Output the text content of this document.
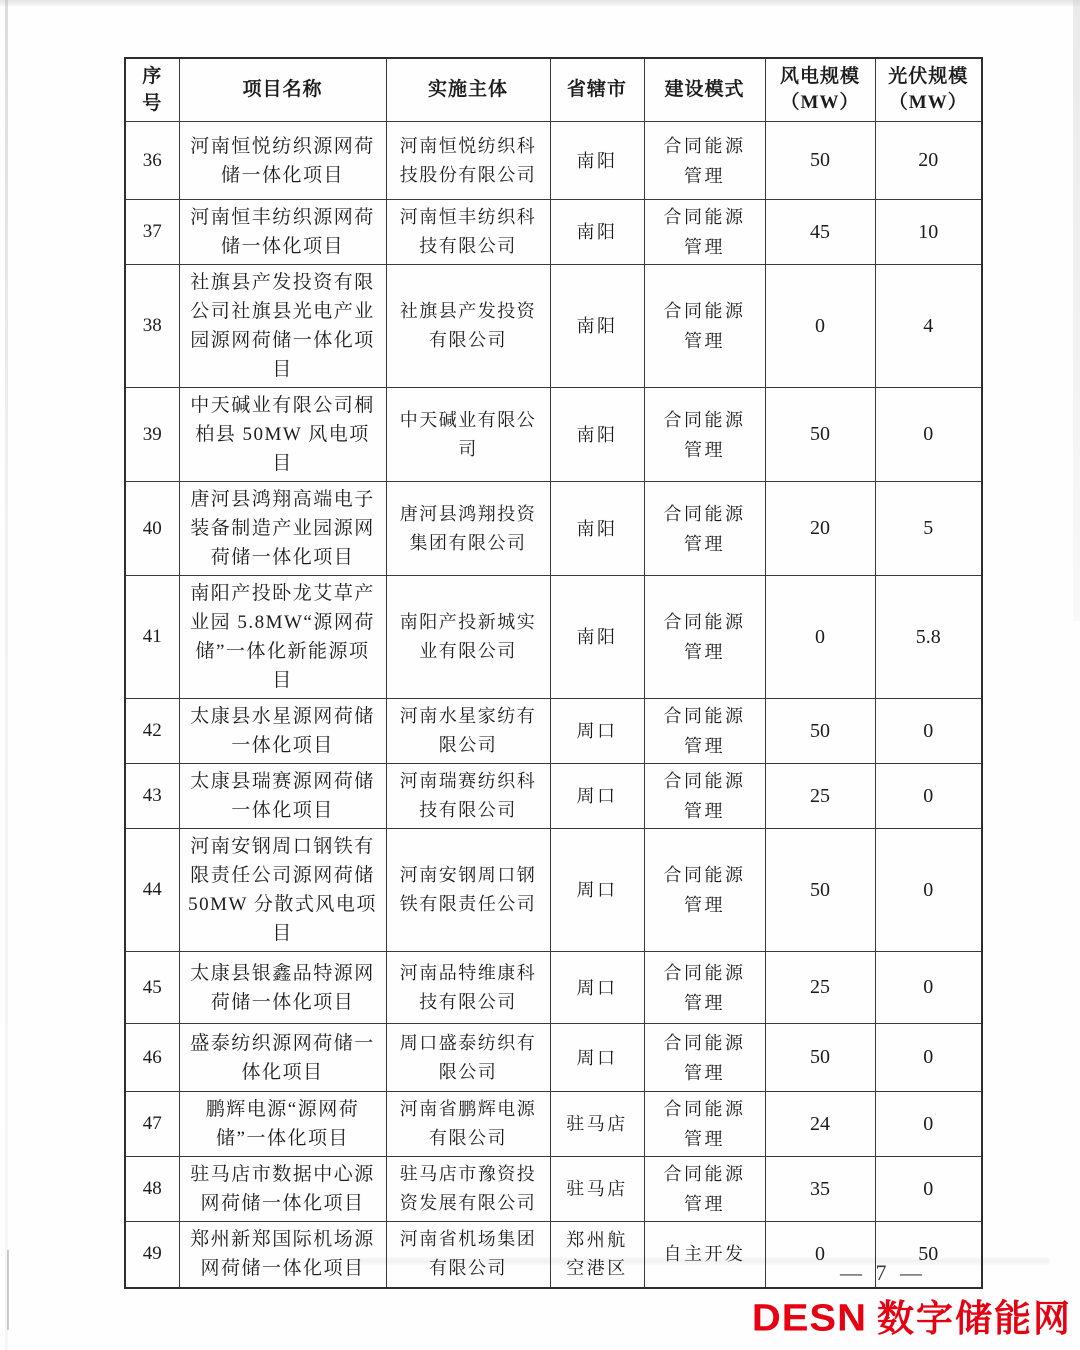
序号	项目名称	实施主体	省辖市	建设模式	风电规模（MW）	光伏规模（MW）
36	河南恒悦纺织源网荷储一体化项目	河南恒悦纺织科技股份有限公司	南阳	合同能源管理	50	20
37	河南恒丰纺织源网荷储一体化项目	河南恒丰纺织科技有限公司	南阳	合同能源管理	45	10
38	社旗县产发投资有限公司社旗县光电产业园源网荷储一体化项目	社旗县产发投资有限公司	南阳	合同能源管理	0	4
39	中天碱业有限公司桐柏县 50MW 风电项目	中天碱业有限公司	南阳	合同能源管理	50	0
40	唐河县鸿翔高端电子装备制造产业园源网荷储一体化项目	唐河县鸿翔投资集团有限公司	南阳	合同能源管理	20	5
41	南阳产投卧龙艾草产业园 5.8MW“源网荷储”一体化新能源项目	南阳产投新城实业有限公司	南阳	合同能源管理	0	5.8
42	太康县水星源网荷储一体化项目	河南水星家纺有限公司	周口	合同能源管理	50	0
43	太康县瑞赛源网荷储一体化项目	河南瑞赛纺织科技有限公司	周口	合同能源管理	25	0
44	河南安钢周口钢铁有限责任公司源网荷储 50MW 分散式风电项目	河南安钢周口钢铁有限责任公司	周口	合同能源管理	50	0
45	太康县银鑫品特源网荷储一体化项目	河南品特维康科技有限公司	周口	合同能源管理	25	0
46	盛泰纺织源网荷储一体化项目	周口盛泰纺织有限公司	周口	合同能源管理	50	0
47	鹏辉电源“源网荷储”一体化项目	河南省鹏辉电源有限公司	驻马店	合同能源管理	24	0
48	驻马店市数据中心源网荷储一体化项目	驻马店市豫资投资发展有限公司	驻马店	合同能源管理	35	0
49	郑州新郑国际机场源网荷储一体化项目	河南省机场集团有限公司	郑州航空港区	自主开发	0	50
— 7 —
DESN 数字储能网
